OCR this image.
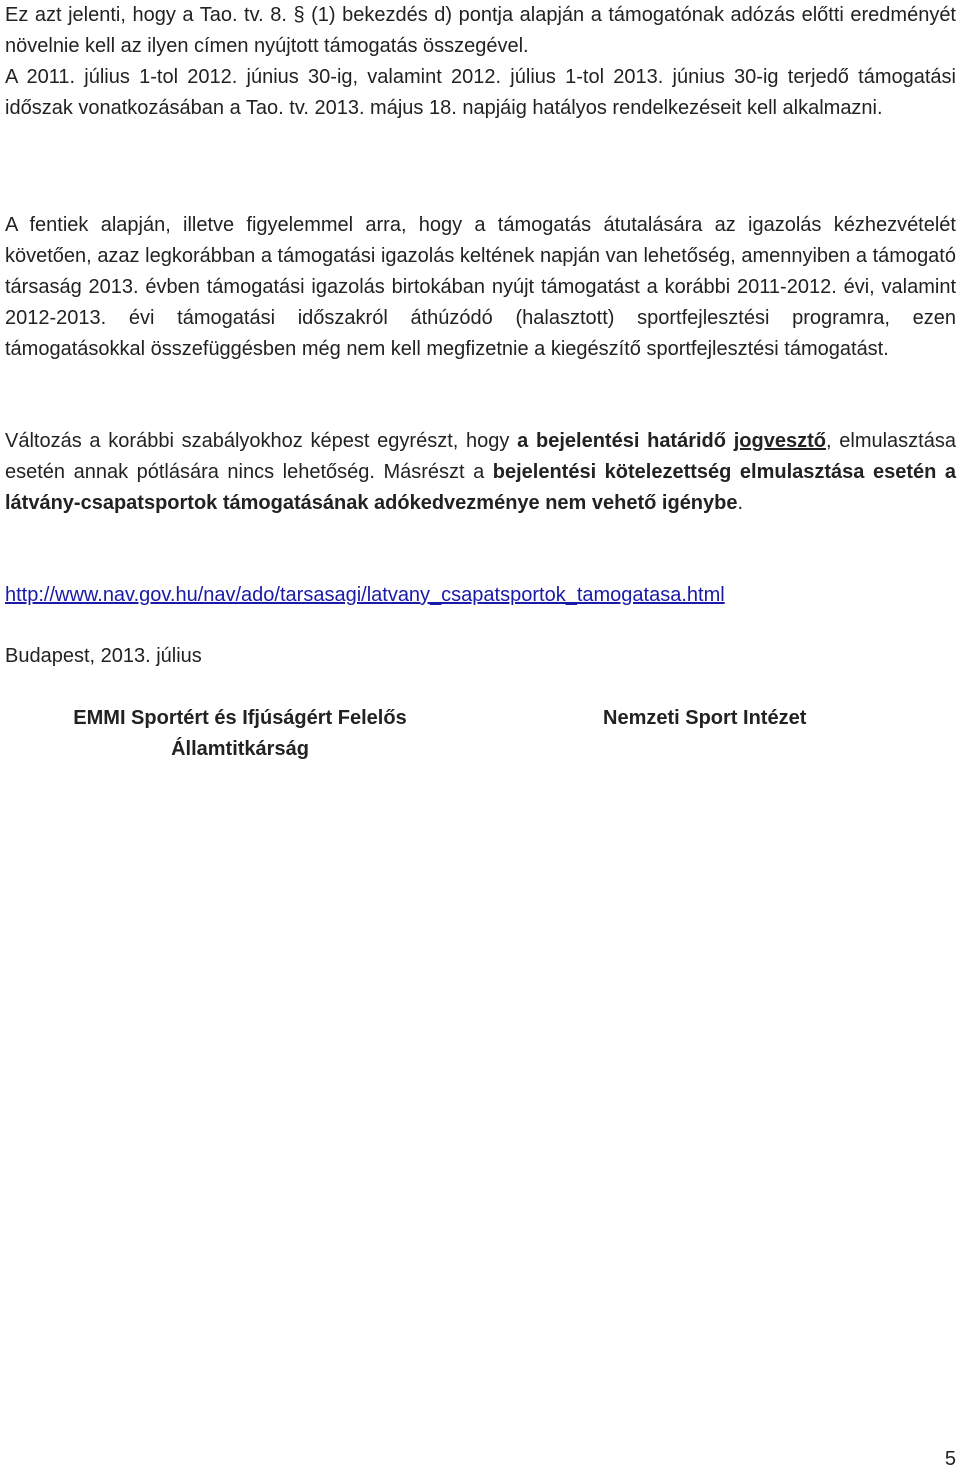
Ez azt jelenti, hogy a Tao. tv. 8. § (1) bekezdés d) pontja alapján a támogatónak adózás előtti eredményét növelnie kell az ilyen címen nyújtott támogatás összegével.

A 2011. július 1-tol 2012. június 30-ig, valamint 2012. július 1-tol 2013. június 30-ig terjedő támogatási időszak vonatkozásában a Tao. tv. 2013. május 18. napjáig hatályos rendelkezéseit kell alkalmazni.

A fentiek alapján, illetve figyelemmel arra, hogy a támogatás átutalására az igazolás kézhezvételét követően, azaz legkorábban a támogatási igazolás keltének napján van lehetőség, amennyiben a támogató társaság 2013. évben támogatási igazolás birtokában nyújt támogatást a korábbi 2011-2012. évi, valamint 2012-2013. évi támogatási időszakról áthúzódó (halasztott) sportfejlesztési programra, ezen támogatásokkal összefüggésben még nem kell megfizetnie a kiegészítő sportfejlesztési támogatást.

Változás a korábbi szabályokhoz képest egyrészt, hogy a bejelentési határidő jogvesztő, elmulasztása esetén annak pótlására nincs lehetőség. Másrészt a bejelentési kötelezettség elmulasztása esetén a látvány-csapatsportok támogatásának adókedvezménye nem vehető igénybe.

http://www.nav.gov.hu/nav/ado/tarsasagi/latvany_csapatsportok_tamogatasa.html

Budapest, 2013. július

EMMI Sportért és Ifjúságért Felelős

Államtitkárság

Nemzeti Sport Intézet

5
